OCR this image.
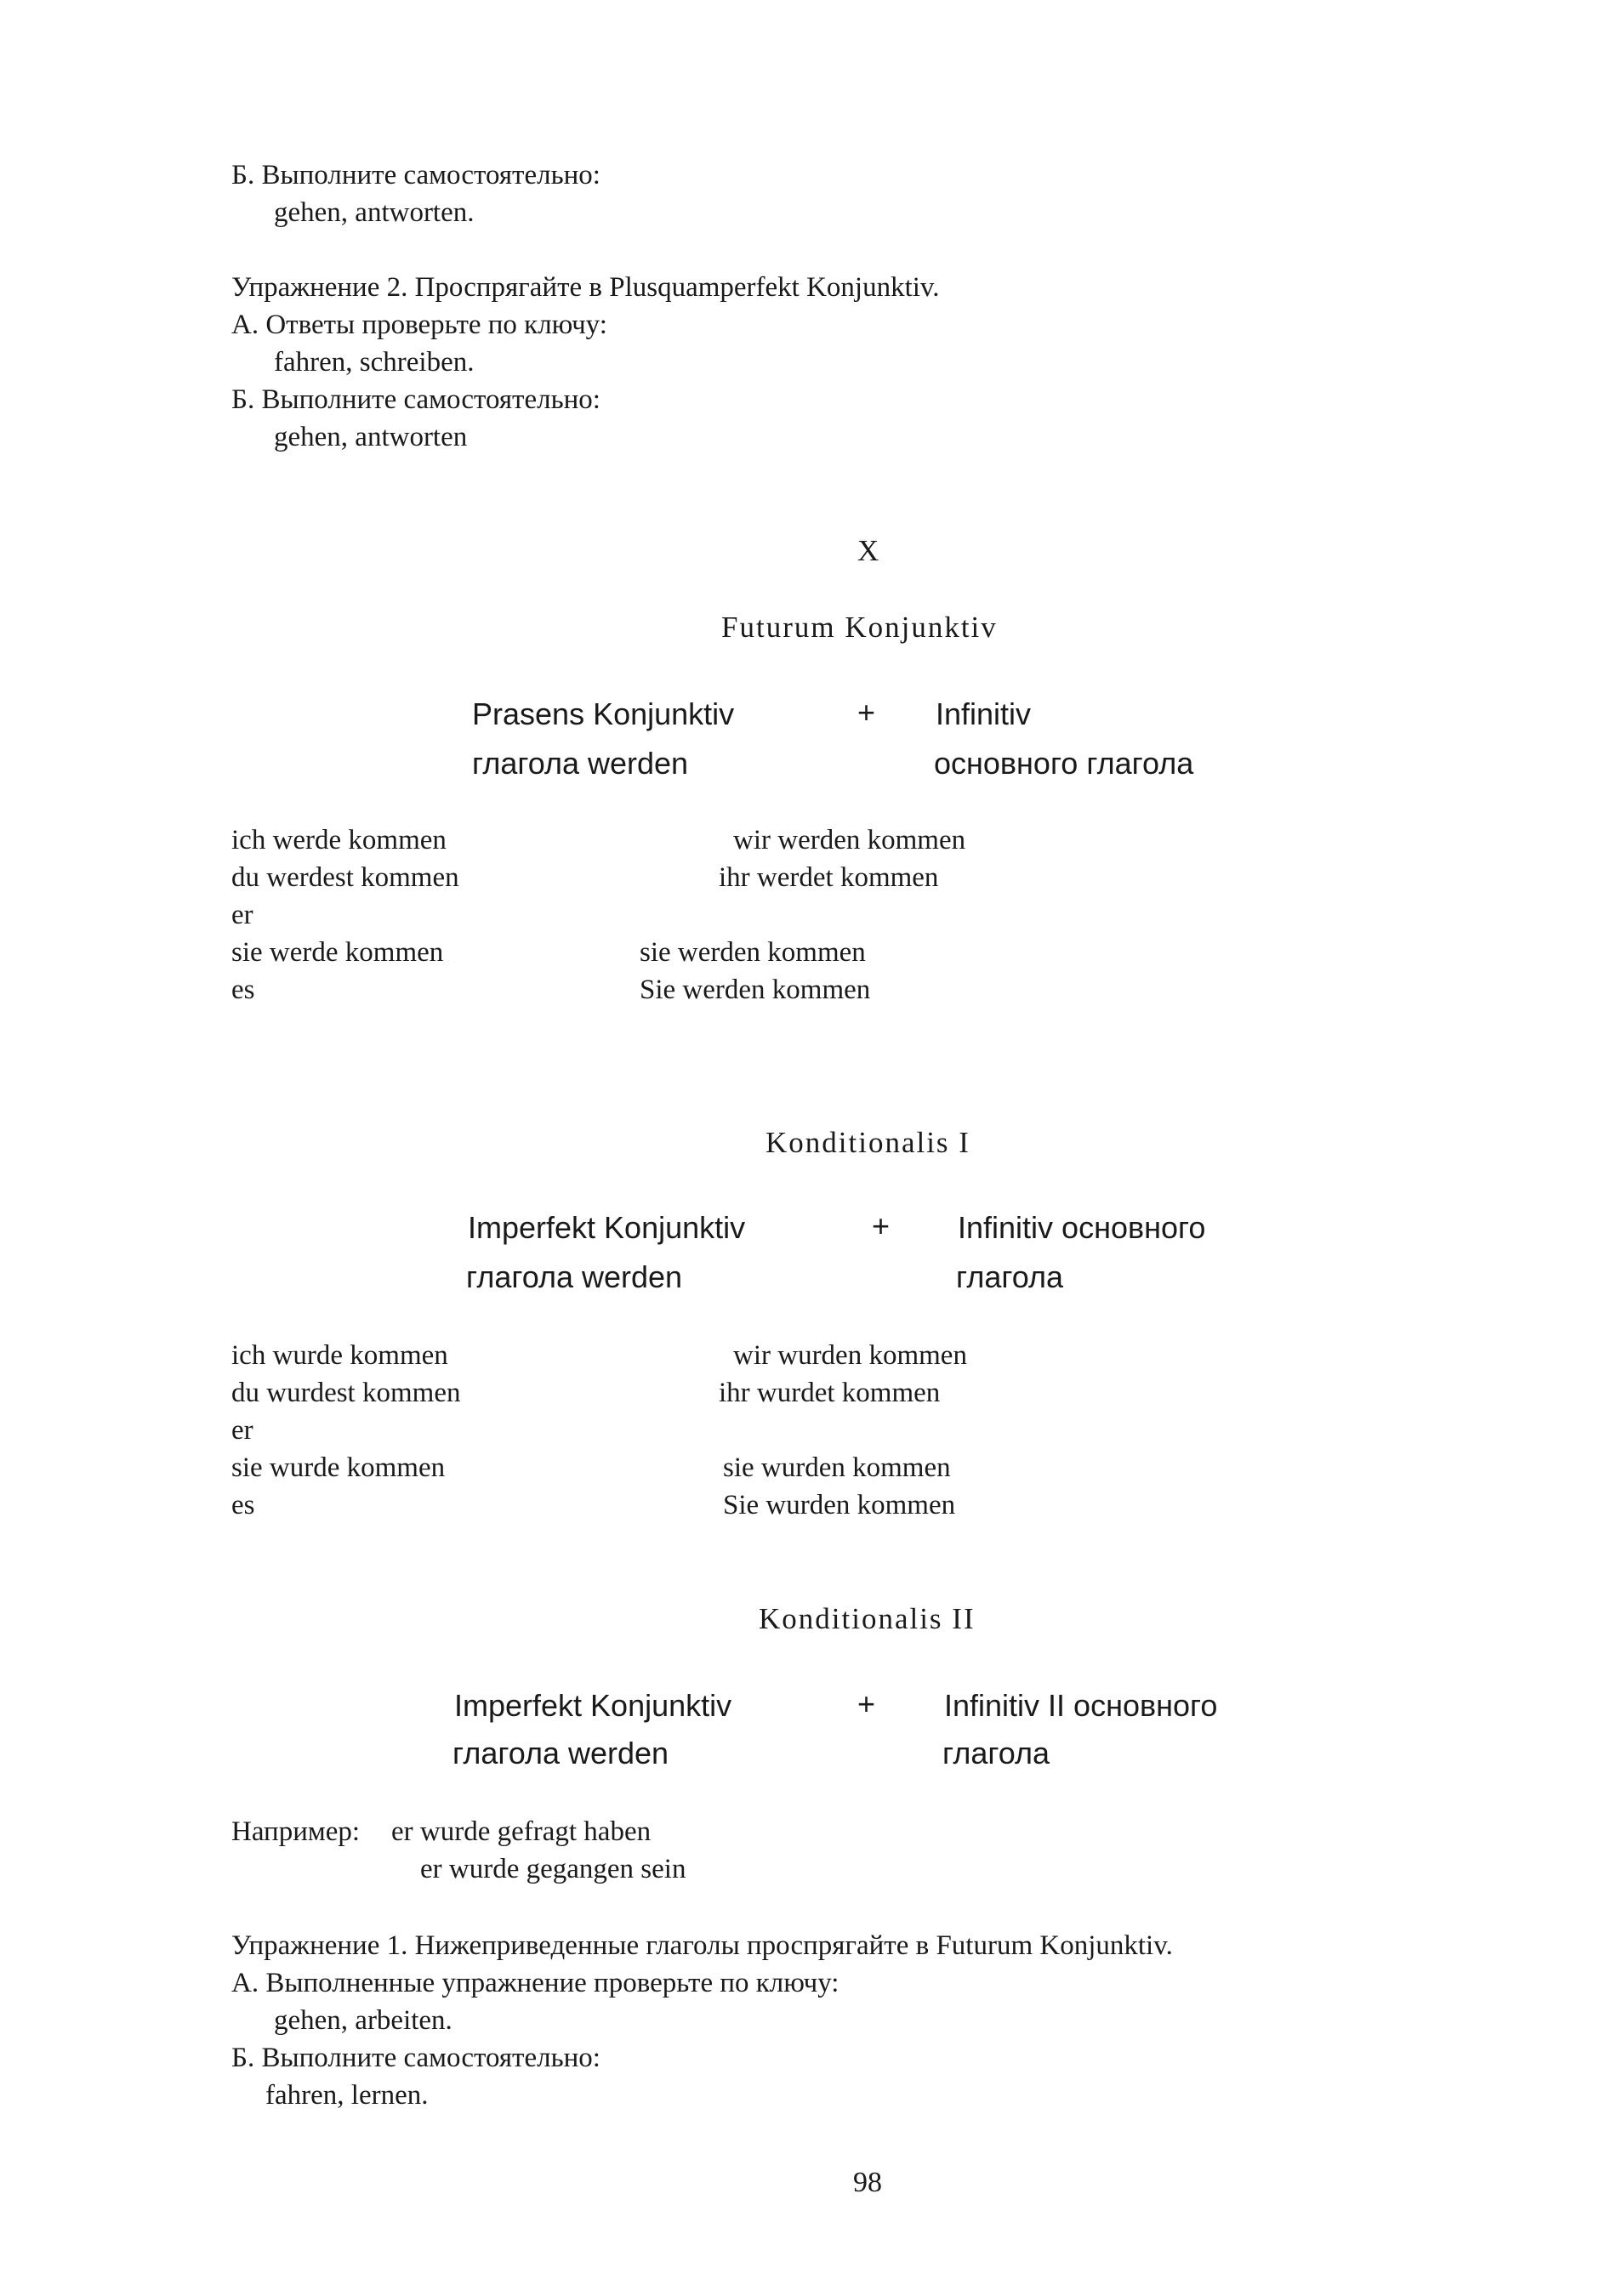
Б. Выполните самостоятельно:
gehen, antworten.
Упражнение 2. Проспрягайте в Plusquamperfekt Konjunktiv.
А. Ответы проверьте по ключу:
fahren, schreiben.
Б. Выполните самостоятельно:
gehen, antworten
X
Futurum Konjunktiv
Prasens Konjunktiv	+ Infinitiv
глагола werden	основного глагола
ich werde kommen	wir werden kommen
du werdest kommen	ihr werdet kommen
er
sie werde kommen	sie werden kommen
es	Sie werden kommen
Konditionalis I
Imperfekt Konjunktiv	+ Infinitiv основного
глагола werden	глагола
ich wurde kommen	wir wurden kommen
du wurdest kommen	ihr wurdet kommen
er
sie wurde kommen	sie wurden kommen
es	Sie wurden kommen
Konditionalis II
Imperfekt Konjunktiv	+ Infinitiv II основного
глагола werden	глагола
Например: er wurde gefragt haben
er wurde gegangen sein
Упражнение 1. Нижеприведенные глаголы проспрягайте в Futurum Konjunktiv.
А. Выполненные упражнение проверьте по ключу:
gehen, arbeiten.
Б. Выполните самостоятельно:
fahren, lernen.
98
